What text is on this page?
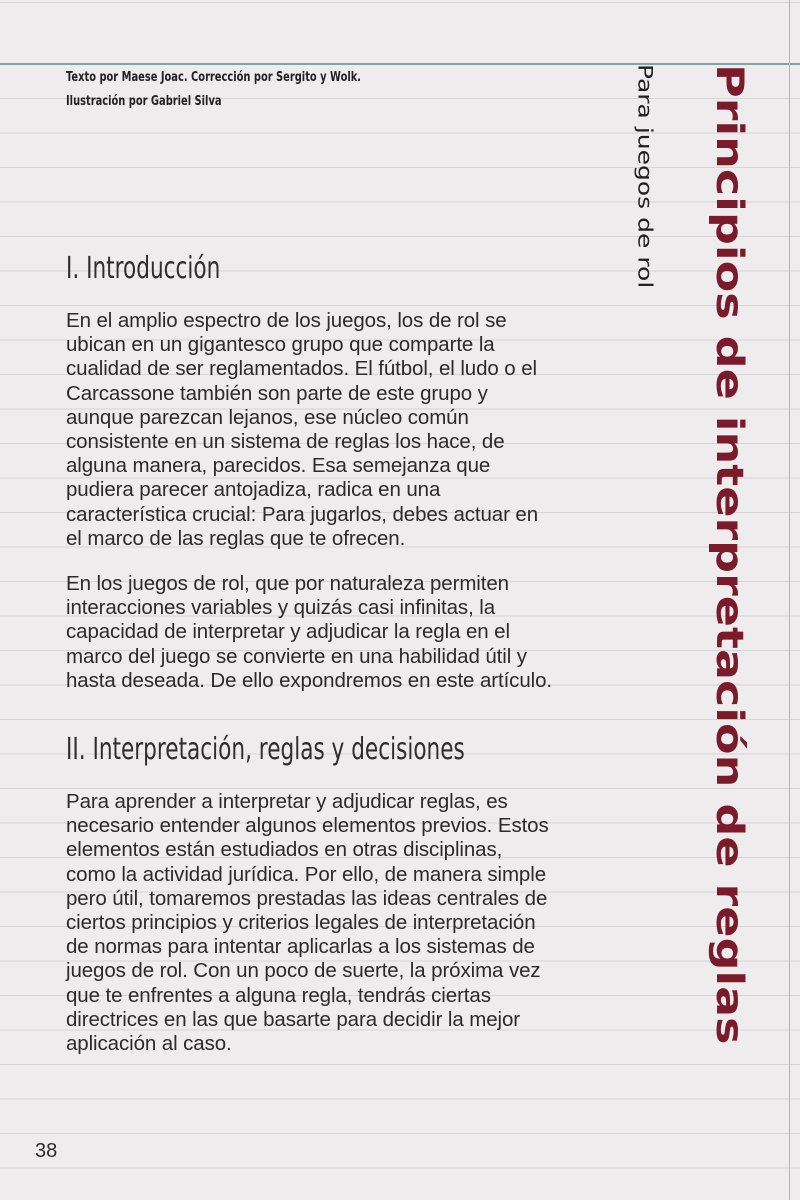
Texto por Maese Joac. Corrección por Sergito y Wolk.
Ilustración por Gabriel Silva	Principios de interpretación de reglas
Para juegos de rol
I. Introducción

En el amplio espectro de los juegos, los de rol se ubican en un gigantesco grupo que comparte la cualidad de ser reglamentados. El fútbol, el ludo o el Carcassone también son parte de este grupo y aunque parezcan lejanos, ese núcleo común consistente en un sistema de reglas los hace, de alguna manera, parecidos. Esa semejanza que pudiera parecer antojadiza, radica en una característica crucial: Para jugarlos, debes actuar en el marco de las reglas que te ofrecen.

En los juegos de rol, que por naturaleza permiten interacciones variables y quizás casi infinitas, la capacidad de interpretar y adjudicar la regla en el marco del juego se convierte en una habilidad útil y hasta deseada. De ello expondremos en este artículo.

II. Interpretación, reglas y decisiones

Para aprender a interpretar y adjudicar reglas, es necesario entender algunos elementos previos. Estos elementos están estudiados en otras disciplinas, como la actividad jurídica. Por ello, de manera simple pero útil, tomaremos prestadas las ideas centrales de ciertos principios y criterios legales de interpretación de normas para intentar aplicarlas a los sistemas de juegos de rol. Con un poco de suerte, la próxima vez que te enfrentes a alguna regla, tendrás ciertas directrices en las que basarte para decidir la mejor aplicación al caso.

38
